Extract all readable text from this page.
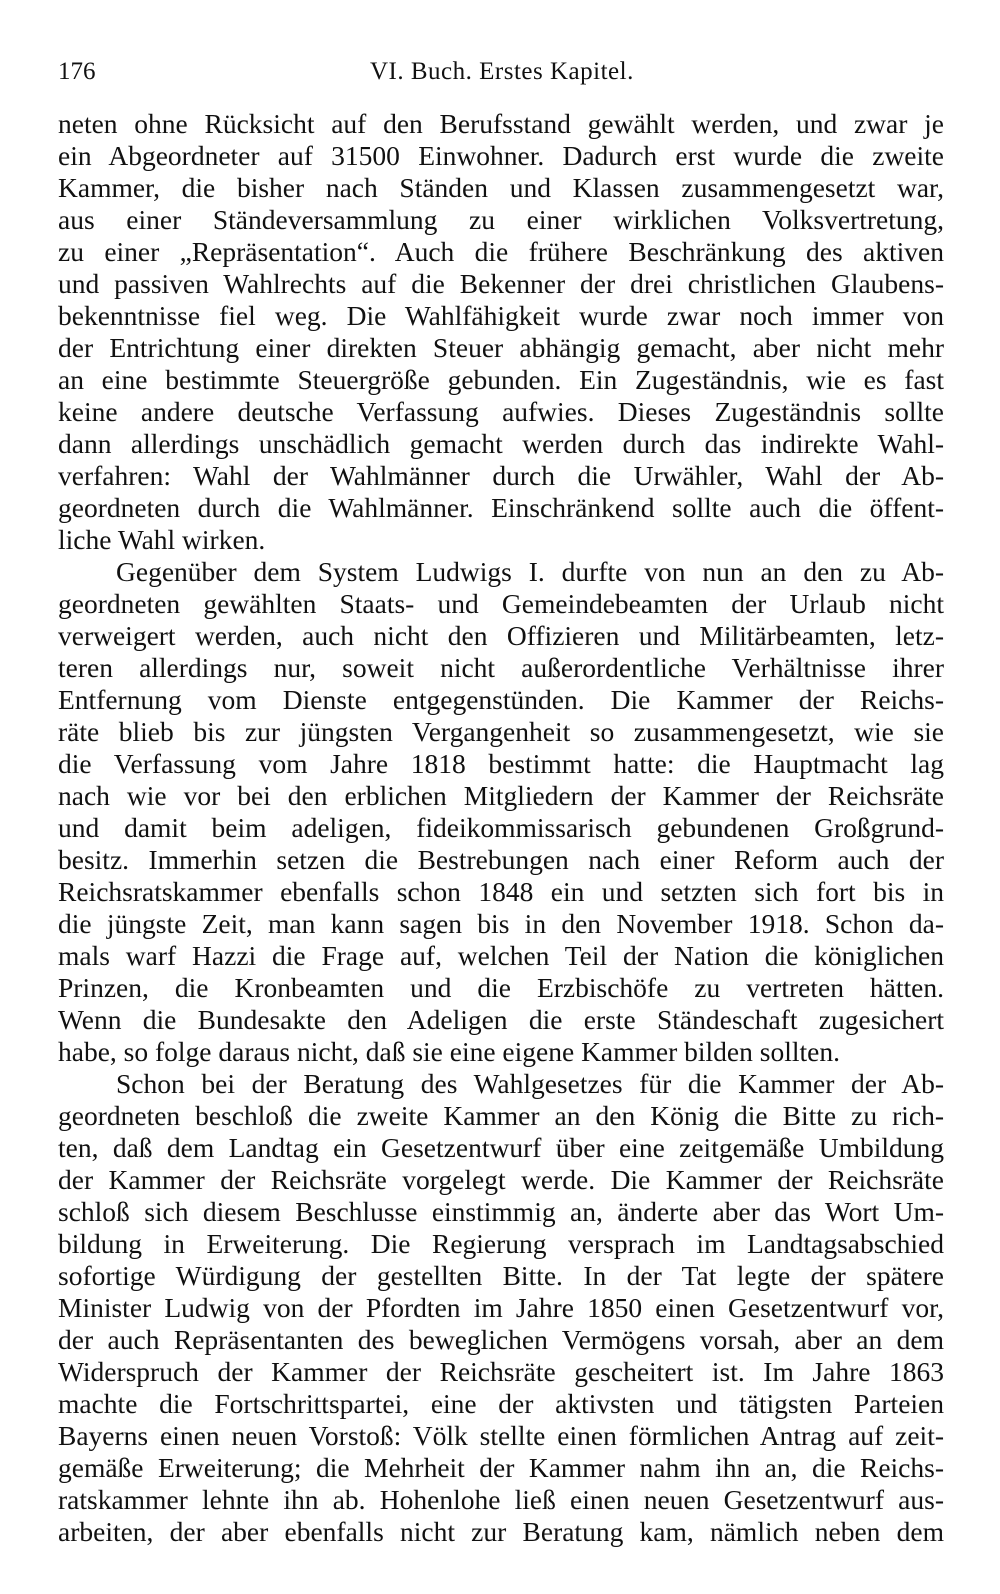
176	VI. Buch. Erstes Kapitel.
neten ohne Rücksicht auf den Berufsstand gewählt werden, und zwar je
ein Abgeordneter auf 31500 Einwohner. Dadurch erst wurde die zweite
Kammer, die bisher nach Ständen und Klassen zusammengesetzt war,
aus einer Ständeversammlung zu einer wirklichen Volksvertretung,
zu einer „Repräsentation“. Auch die frühere Beschränkung des aktiven
und passiven Wahlrechts auf die Bekenner der drei christlichen Glaubens-
bekenntnisse fiel weg. Die Wahlfähigkeit wurde zwar noch immer von
der Entrichtung einer direkten Steuer abhängig gemacht, aber nicht mehr
an eine bestimmte Steuergröße gebunden. Ein Zugeständnis, wie es fast
keine andere deutsche Verfassung aufwies. Dieses Zugeständnis sollte
dann allerdings unschädlich gemacht werden durch das indirekte Wahl-
verfahren: Wahl der Wahlmänner durch die Urwähler, Wahl der Ab-
geordneten durch die Wahlmänner. Einschränkend sollte auch die öffent-
liche Wahl wirken.
Gegenüber dem System Ludwigs I. durfte von nun an den zu Ab-
geordneten gewählten Staats- und Gemeindebeamten der Urlaub nicht
verweigert werden, auch nicht den Offizieren und Militärbeamten, letz-
teren allerdings nur, soweit nicht außerordentliche Verhältnisse ihrer
Entfernung vom Dienste entgegenstünden. Die Kammer der Reichs-
räte blieb bis zur jüngsten Vergangenheit so zusammengesetzt, wie sie
die Verfassung vom Jahre 1818 bestimmt hatte: die Hauptmacht lag
nach wie vor bei den erblichen Mitgliedern der Kammer der Reichsräte
und damit beim adeligen, fideikommissarisch gebundenen Großgrund-
besitz. Immerhin setzen die Bestrebungen nach einer Reform auch der
Reichsratskammer ebenfalls schon 1848 ein und setzten sich fort bis in
die jüngste Zeit, man kann sagen bis in den November 1918. Schon da-
mals warf Hazzi die Frage auf, welchen Teil der Nation die königlichen
Prinzen, die Kronbeamten und die Erzbischöfe zu vertreten hätten.
Wenn die Bundesakte den Adeligen die erste Ständeschaft zugesichert
habe, so folge daraus nicht, daß sie eine eigene Kammer bilden sollten.
Schon bei der Beratung des Wahlgesetzes für die Kammer der Ab-
geordneten beschloß die zweite Kammer an den König die Bitte zu rich-
ten, daß dem Landtag ein Gesetzentwurf über eine zeitgemäße Umbildung
der Kammer der Reichsräte vorgelegt werde. Die Kammer der Reichsräte
schloß sich diesem Beschlusse einstimmig an, änderte aber das Wort Um-
bildung in Erweiterung. Die Regierung versprach im Landtagsabschied
sofortige Würdigung der gestellten Bitte. In der Tat legte der spätere
Minister Ludwig von der Pfordten im Jahre 1850 einen Gesetzentwurf vor,
der auch Repräsentanten des beweglichen Vermögens vorsah, aber an dem
Widerspruch der Kammer der Reichsräte gescheitert ist. Im Jahre 1863
machte die Fortschrittspartei, eine der aktivsten und tätigsten Parteien
Bayerns einen neuen Vorstoß: Völk stellte einen förmlichen Antrag auf zeit-
gemäße Erweiterung; die Mehrheit der Kammer nahm ihn an, die Reichs-
ratskammer lehnte ihn ab. Hohenlohe ließ einen neuen Gesetzentwurf aus-
arbeiten, der aber ebenfalls nicht zur Beratung kam, nämlich neben dem
